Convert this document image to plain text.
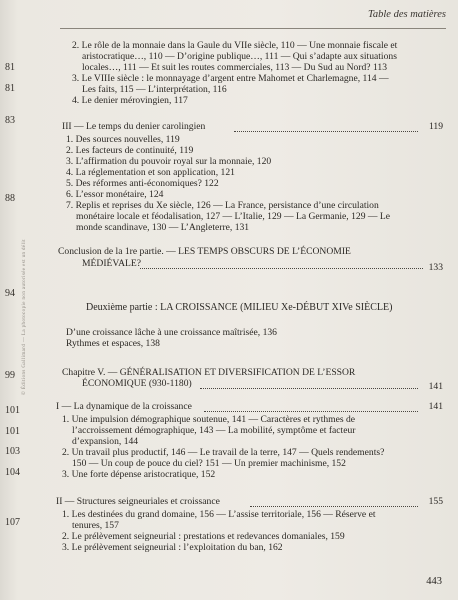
Table des matières
81
81
83
88
94
99
101
101
103
104
107
© Éditions Gallimard — La photocopie non autorisée est un délit
2. Le rôle de la monnaie dans la Gaule du VIIe siècle, 110 — Une monnaie fiscale et
aristocratique…, 110 — D’origine publique…, 111 — Qui s’adapte aux situations
locales…, 111 — Et suit les routes commerciales, 113 — Du Sud au Nord? 113
3. Le VIIIe siècle : le monnayage d’argent entre Mahomet et Charlemagne, 114 —
Les faits, 115 — L’interprétation, 116
4. Le denier mérovingien, 117
III — Le temps du denier carolingien	119
1. Des sources nouvelles, 119
2. Les facteurs de continuité, 119
3. L’affirmation du pouvoir royal sur la monnaie, 120
4. La réglementation et son application, 121
5. Des réformes anti-économiques? 122
6. L’essor monétaire, 124
7. Replis et reprises du Xe siècle, 126 — La France, persistance d’une circulation
monétaire locale et féodalisation, 127 — L’Italie, 129 — La Germanie, 129 — Le
monde scandinave, 130 — L’Angleterre, 131
Conclusion de la 1re partie. — LES TEMPS OBSCURS DE L’ÉCONOMIE
MÉDIÉVALE?	133
Deuxième partie : LA CROISSANCE (MILIEU Xe-DÉBUT XIVe SIÈCLE)
D’une croissance lâche à une croissance maîtrisée, 136
Rythmes et espaces, 138
Chapitre V. — GÉNÉRALISATION ET DIVERSIFICATION DE L’ESSOR
ÉCONOMIQUE (930-1180)	141
I — La dynamique de la croissance	141
1. Une impulsion démographique soutenue, 141 — Caractères et rythmes de
l’accroissement démographique, 143 — La mobilité, symptôme et facteur
d’expansion, 144
2. Un travail plus productif, 146 — Le travail de la terre, 147 — Quels rendements?
150 — Un coup de pouce du ciel? 151 — Un premier machinisme, 152
3. Une forte dépense aristocratique, 152
II — Structures seigneuriales et croissance	155
1. Les destinées du grand domaine, 156 — L’assise territoriale, 156 — Réserve et
tenures, 157
2. Le prélèvement seigneurial : prestations et redevances domaniales, 159
3. Le prélèvement seigneurial : l’exploitation du ban, 162
443
